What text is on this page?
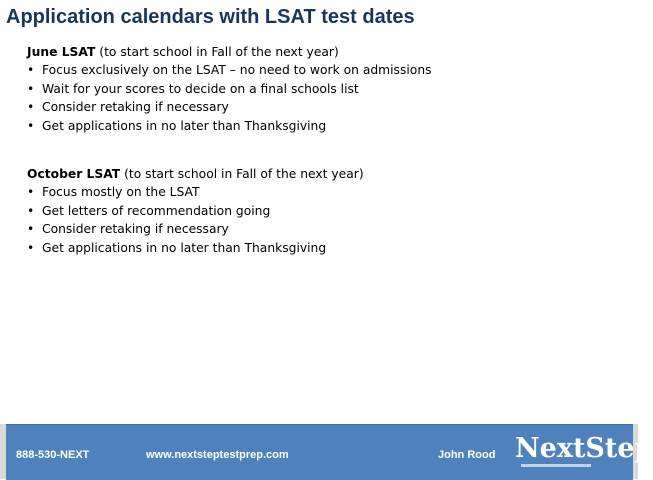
Application calendars with LSAT test dates
June LSAT (to start school in Fall of the next year)
• Focus exclusively on the LSAT – no need to work on admissions
• Wait for your scores to decide on a final schools list
• Consider retaking if necessary
• Get applications in no later than Thanksgiving
October LSAT (to start school in Fall of the next year)
• Focus mostly on the LSAT
• Get letters of recommendation going
• Consider retaking if necessary
• Get applications in no later than Thanksgiving
888-530-NEXT	www.nextsteptestprep.com	John Rood NextStep
